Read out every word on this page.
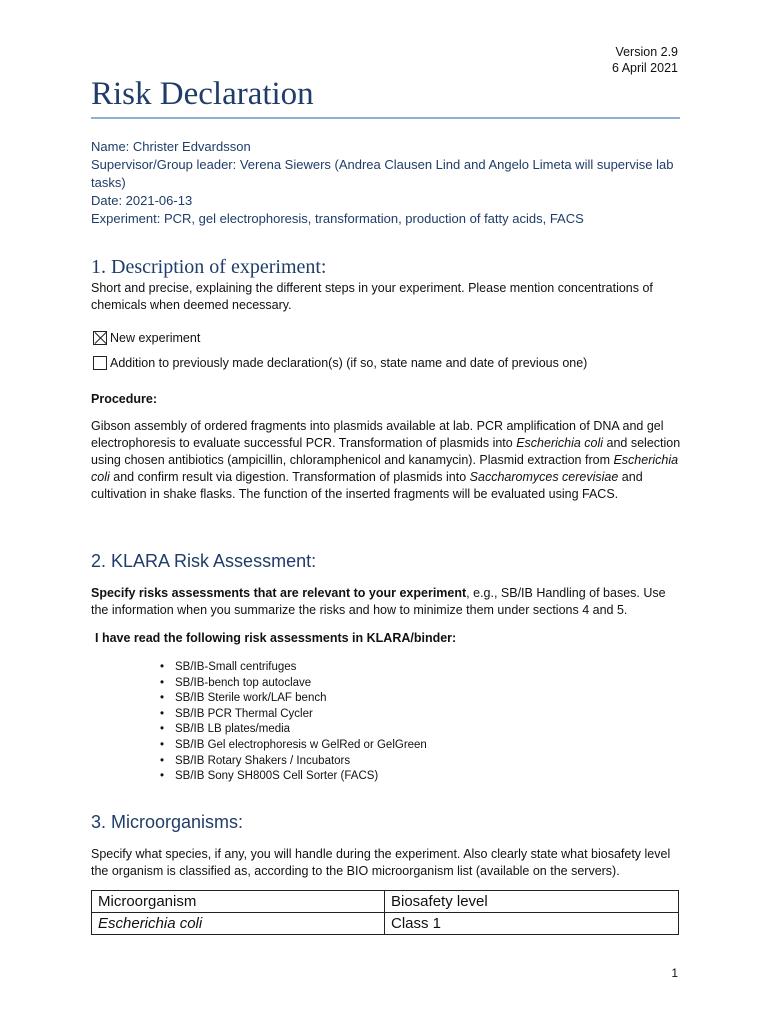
Version 2.9
6 April 2021
Risk Declaration
Name: Christer Edvardsson
Supervisor/Group leader: Verena Siewers (Andrea Clausen Lind and Angelo Limeta will supervise lab tasks)
Date: 2021-06-13
Experiment: PCR, gel electrophoresis, transformation, production of fatty acids, FACS
1. Description of experiment:

Short and precise, explaining the different steps in your experiment. Please mention concentrations of chemicals when deemed necessary.

New experiment
Addition to previously made declaration(s) (if so, state name and date of previous one)

Procedure:

Gibson assembly of ordered fragments into plasmids available at lab. PCR amplification of DNA and gel electrophoresis to evaluate successful PCR. Transformation of plasmids into Escherichia coli and selection using chosen antibiotics (ampicillin, chloramphenicol and kanamycin). Plasmid extraction from Escherichia coli and confirm result via digestion. Transformation of plasmids into Saccharomyces cerevisiae and cultivation in shake flasks. The function of the inserted fragments will be evaluated using FACS.

2. KLARA Risk Assessment:

Specify risks assessments that are relevant to your experiment, e.g., SB/IB Handling of bases. Use the information when you summarize the risks and how to minimize them under sections 4 and 5.

I have read the following risk assessments in KLARA/binder:

• SB/IB-Small centrifuges
• SB/IB-bench top autoclave
• SB/IB Sterile work/LAF bench
• SB/IB PCR Thermal Cycler
• SB/IB LB plates/media
• SB/IB Gel electrophoresis w GelRed or GelGreen
• SB/IB Rotary Shakers / Incubators
• SB/IB Sony SH800S Cell Sorter (FACS)
3. Microorganisms:

Specify what species, if any, you will handle during the experiment. Also clearly state what biosafety level the organism is classified as, according to the BIO microorganism list (available on the servers).

Microorganism	Biosafety level
Escherichia coli	Class 1
1
